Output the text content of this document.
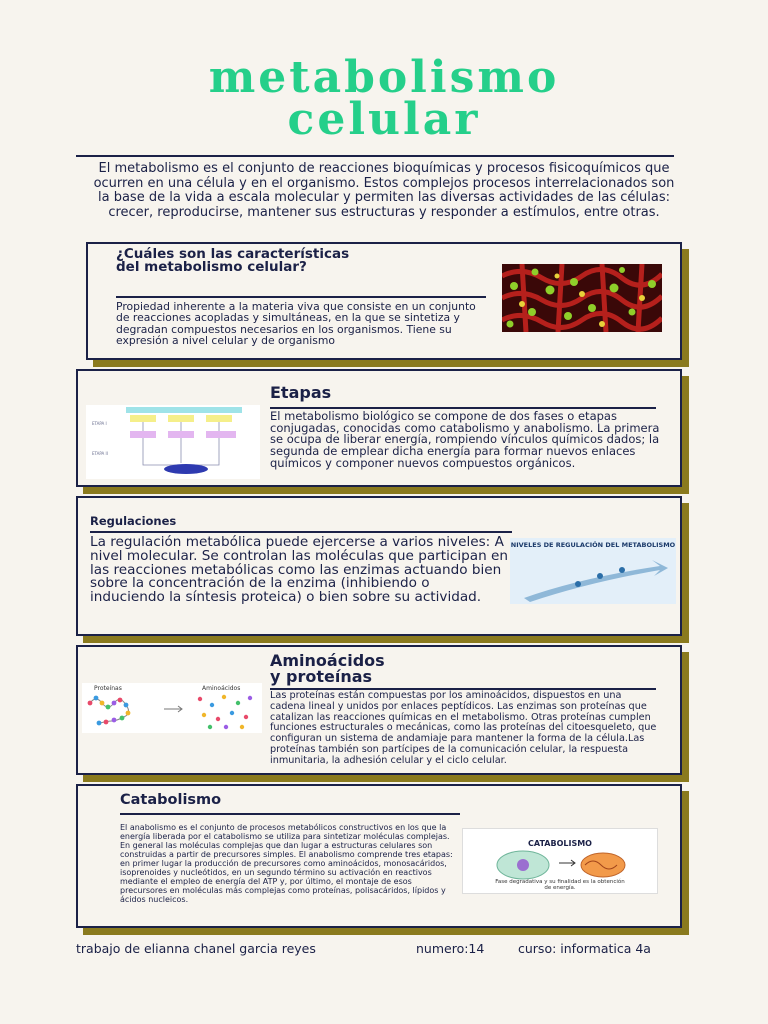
metabolismo
celular
El metabolismo es el conjunto de reacciones bioquímicas y procesos fisicoquímicos que ocurren en una célula y en el organismo. Estos complejos procesos interrelacionados son la base de la vida a escala molecular y permiten las diversas actividades de las células: crecer, reproducirse, mantener sus estructuras y responder a estímulos, entre otras.
¿Cuáles son las características del metabolismo celular?
Propiedad inherente a la materia viva que consiste en un conjunto de reacciones acopladas y simultáneas, en la que se sintetiza y degradan compuestos necesarios en los organismos. Tiene su expresión a nivel celular y de organismo
Etapas
El metabolismo biológico se compone de dos fases o etapas conjugadas, conocidas como catabolismo y anabolismo. La primera se ocupa de liberar energía, rompiendo vínculos químicos dados; la segunda de emplear dicha energía para formar nuevos enlaces químicos y componer nuevos compuestos orgánicos.
ETAPA I
ETAPA II
Regulaciones
La regulación metabólica puede ejercerse a varios niveles: A nivel molecular. Se controlan las moléculas que participan en las reacciones metabólicas como las enzimas actuando bien sobre la concentración de la enzima (inhibiendo o induciendo la síntesis proteica) o bien sobre su actividad.
NIVELES DE REGULACIÓN DEL METABOLISMO
Aminoácidos
y proteínas
Las proteínas están compuestas por los aminoácidos, dispuestos en una cadena lineal y unidos por enlaces peptídicos. Las enzimas son proteínas que catalizan las reacciones químicas en el metabolismo. Otras proteínas cumplen funciones estructurales o mecánicas, como las proteínas del citoesqueleto, que configuran un sistema de andamiaje para mantener la forma de la célula.Las proteínas también son partícipes de la comunicación celular, la respuesta inmunitaria, la adhesión celular y el ciclo celular.
Proteínas	Aminoácidos
Catabolismo
El anabolismo es el conjunto de procesos metabólicos constructivos en los que la energía liberada por el catabolismo se utiliza para sintetizar moléculas complejas. En general las moléculas complejas que dan lugar a estructuras celulares son construidas a partir de precursores simples. El anabolismo comprende tres etapas: en primer lugar la producción de precursores como aminoácidos, monosacáridos, isoprenoides y nucleótidos, en un segundo término su activación en reactivos mediante el empleo de energía del ATP y, por último, el montaje de esos precursores en moléculas más complejas como proteínas, polisacáridos, lípidos y ácidos nucleicos.
CATABOLISMO
Fase degradativa y su finalidad es la obtención de energía.
trabajo de elianna chanel garcia reyes	numero:14	curso: informatica 4a
